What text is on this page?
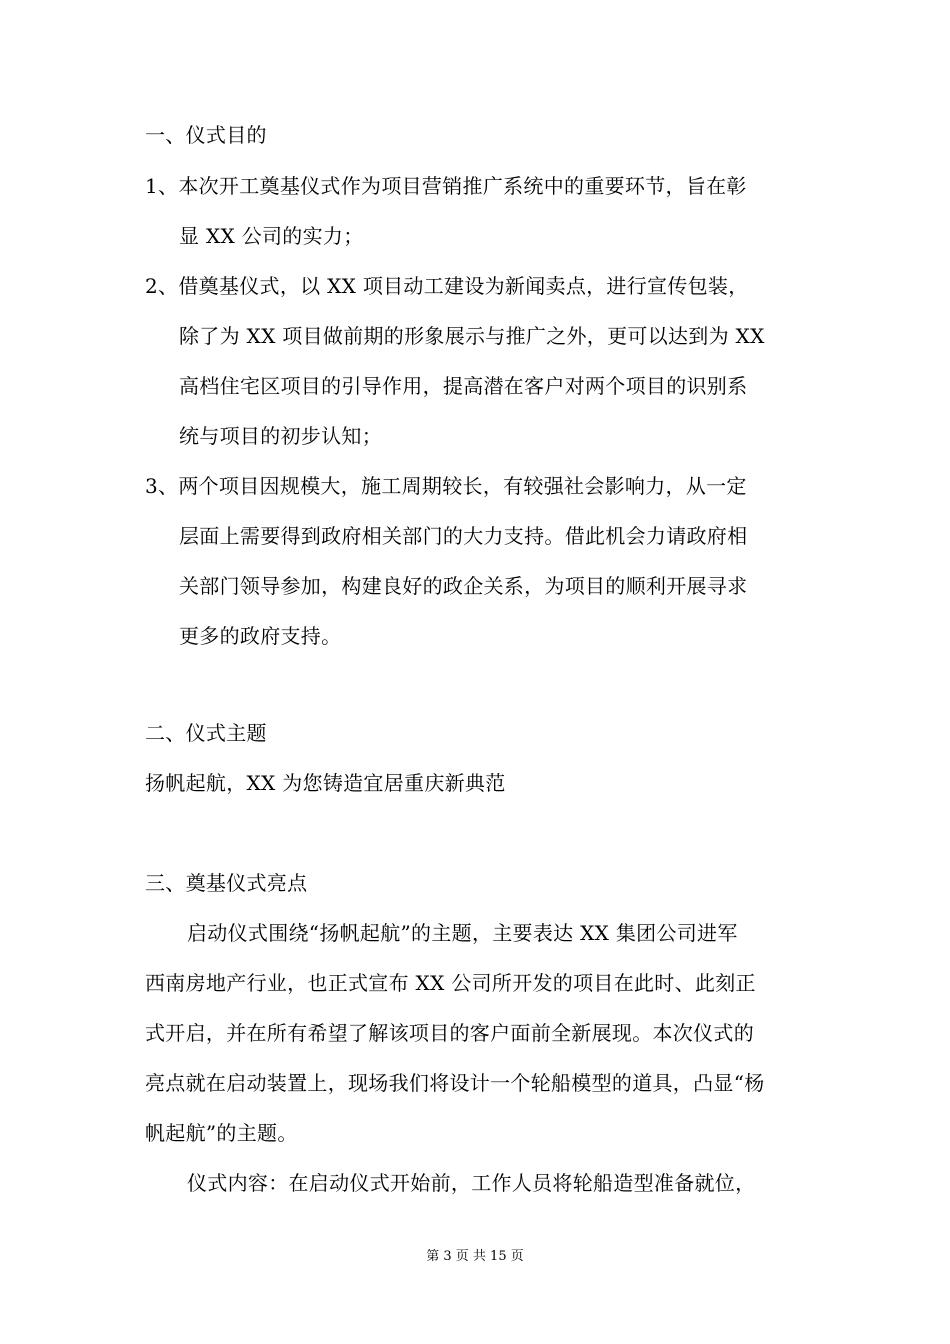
一、仪式目的
1、本次开工奠基仪式作为项目营销推广系统中的重要环节，旨在彰
显 XX 公司的实力；
2、借奠基仪式，以 XX 项目动工建设为新闻卖点，进行宣传包装，
除了为 XX 项目做前期的形象展示与推广之外，更可以达到为 XX
高档住宅区项目的引导作用，提高潜在客户对两个项目的识别系
统与项目的初步认知；
3、两个项目因规模大，施工周期较长，有较强社会影响力，从一定
层面上需要得到政府相关部门的大力支持。借此机会力请政府相
关部门领导参加，构建良好的政企关系，为项目的顺利开展寻求
更多的政府支持。
二、仪式主题
扬帆起航，XX 为您铸造宜居重庆新典范
三、奠基仪式亮点
启动仪式围绕“扬帆起航”的主题，主要表达 XX 集团公司进军
西南房地产行业，也正式宣布 XX 公司所开发的项目在此时、此刻正
式开启，并在所有希望了解该项目的客户面前全新展现。本次仪式的
亮点就在启动装置上，现场我们将设计一个轮船模型的道具，凸显“杨
帆起航”的主题。
仪式内容：在启动仪式开始前，工作人员将轮船造型准备就位，
第 3 页 共 15 页
